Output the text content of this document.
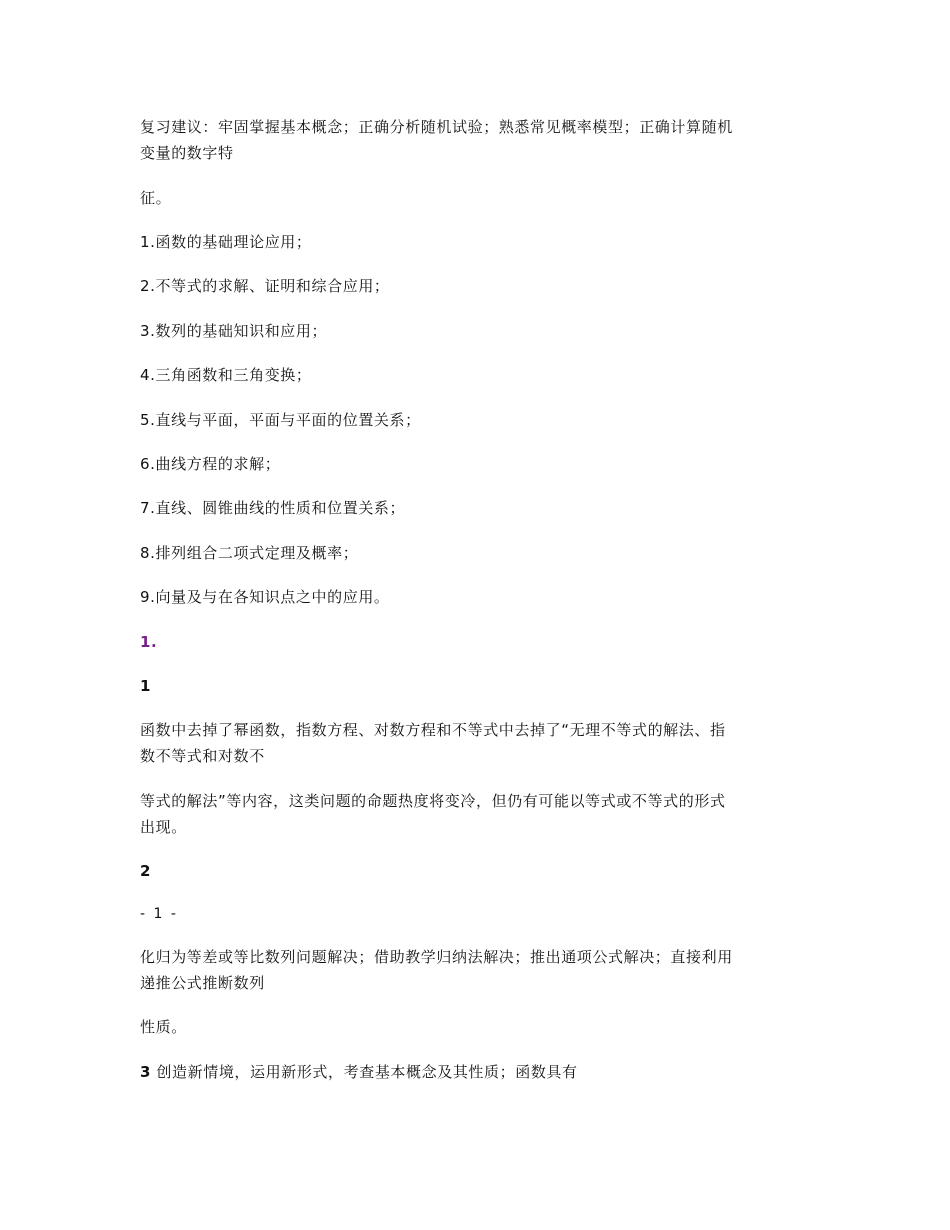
复习建议：牢固掌握基本概念；正确分析随机试验；熟悉常见概率模型；正确计算随机
变量的数字特
征。
1.函数的基础理论应用；
2.不等式的求解、证明和综合应用；
3.数列的基础知识和应用；
4.三角函数和三角变换；
5.直线与平面，平面与平面的位置关系；
6.曲线方程的求解；
7.直线、圆锥曲线的性质和位置关系；
8.排列组合二项式定理及概率；
9.向量及与在各知识点之中的应用。
1.
1
函数中去掉了幂函数，指数方程、对数方程和不等式中去掉了“无理不等式的解法、指
数不等式和对数不
等式的解法”等内容，这类问题的命题热度将变冷，但仍有可能以等式或不等式的形式
出现。
2
- 1 -
化归为等差或等比数列问题解决；借助教学归纳法解决；推出通项公式解决；直接利用
递推公式推断数列
性质。
3 创造新情境，运用新形式，考查基本概念及其性质；函数具有
